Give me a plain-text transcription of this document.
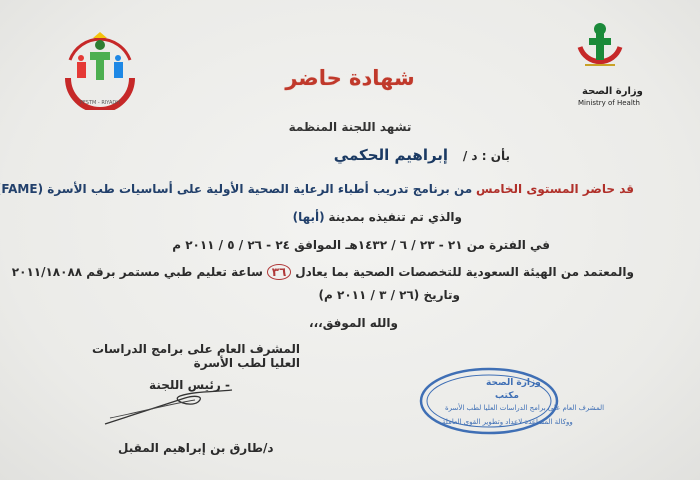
PFSTM - RIYADH
وزارة الصحة
Ministry of Health
شهادة حاضر
تشهد اللجنة المنظمة
بأن : د / إبراهيم الحكمي
قد حاضر المستوى الخامس من برنامج تدريب أطباء الرعاية الصحية الأولية على أساسيات طب الأسرة (FAME
والذي تم تنفيذه بمدينة (أبها)
في الفترة من ٢١ - ٢٣ / ٦ / ١٤٣٢هـ الموافق ٢٤ - ٢٦ / ٥ / ٢٠١١ م
والمعتمد من الهيئة السعودية للتخصصات الصحية بما يعادل ٣٦ ساعة تعليم طبي مستمر برقم ٢٠١١/١٨٠٨٨
وتاريخ (٢٦ / ٣ / ٢٠١١ م)
والله الموفق،،،
المشرف العام على برامج الدراسات العليا لطب الأسرة
- رئيس اللجنة
د/طارق بن إبراهيم المقبل
وزارة الصحة
مكتب
المشرف العام على برامج الدراسات العليا لطب الأسرة
ووكالة المساعدة لاعداد وتطوير القوى العاملة
